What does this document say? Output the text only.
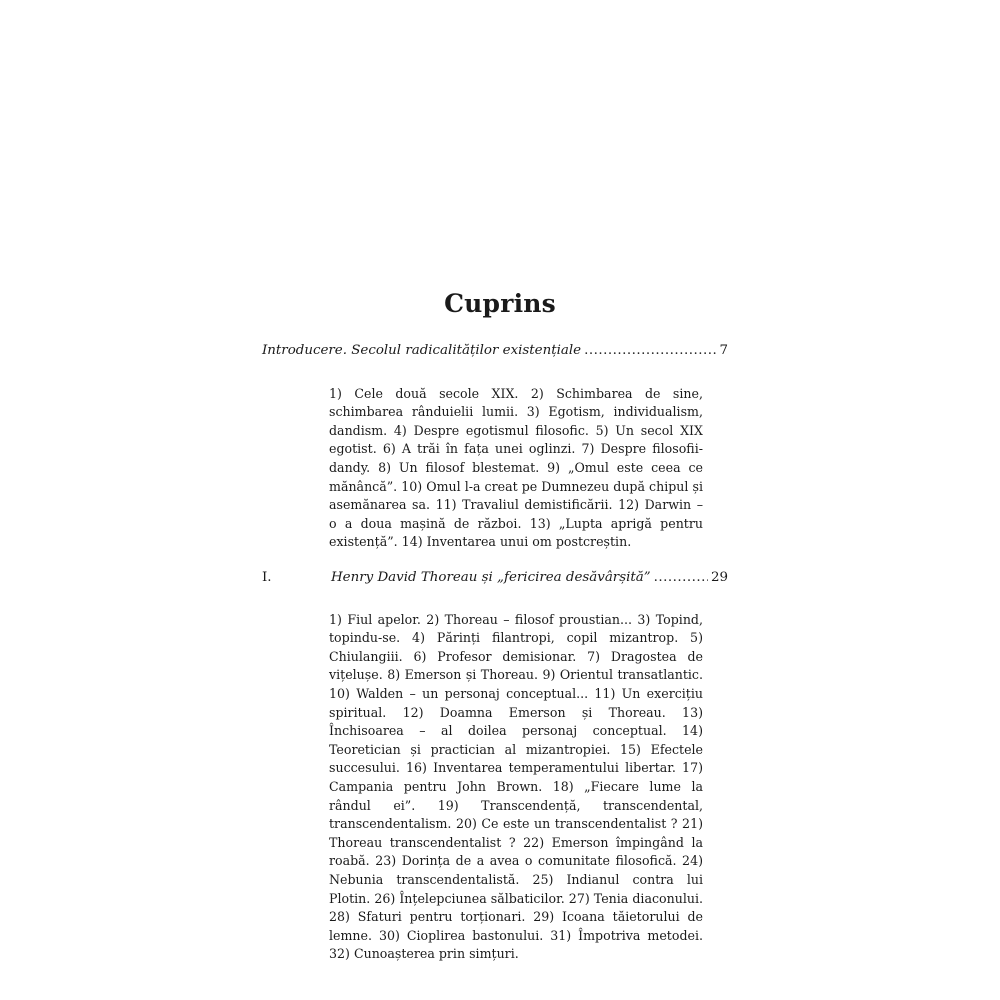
Cuprins
Introducere. Secolul radicalităților existențiale .....	7

1) Cele două secole XIX. 2) Schimbarea de sine, schimbarea rânduielii lumii. 3) Egotism, individualism, dandism. 4) Despre egotismul filosofic. 5) Un secol XIX egotist. 6) A trăi în fața unei oglinzi. 7) Despre filosofii-dandy. 8) Un filosof blestemat. 9) „Omul este ceea ce mănâncă”. 10) Omul l-a creat pe Dumnezeu după chipul și asemănarea sa. 11) Travaliul demistificării. 12) Darwin – o a doua mașină de război. 13) „Lupta aprigă pentru existență”. 14) Inventarea unui om postcreștin.

I.	Henry David Thoreau și „fericirea desăvârșită” .....	29

1) Fiul apelor. 2) Thoreau – filosof proustian... 3) Topind, topindu-se. 4) Părinți filantropi, copil mizantrop. 5) Chiulangiii. 6) Profesor demisionar. 7) Dragostea de vițelușe. 8) Emerson și Thoreau. 9) Orientul transatlantic. 10) Walden – un personaj conceptual... 11) Un exercițiu spiritual. 12) Doamna Emerson și Thoreau. 13) Închisoarea – al doilea personaj conceptual. 14) Teoretician și practician al mizantropiei. 15) Efectele succesului. 16) Inventarea temperamentului libertar. 17) Campania pentru John Brown. 18) „Fiecare lume la rândul ei”. 19) Transcendență, transcendental, transcendentalism. 20) Ce este un transcendentalist ? 21) Thoreau transcendentalist ? 22) Emerson împingând la roabă. 23) Dorința de a avea o comunitate filosofică. 24) Nebunia transcendentalistă. 25) Indianul contra lui Plotin. 26) Înțelepciunea sălbaticilor. 27) Tenia diaconului. 28) Sfaturi pentru torționari. 29) Icoana tăietorului de lemne. 30) Cioplirea bastonului. 31) Împotriva metodei. 32) Cunoașterea prin simțuri.
